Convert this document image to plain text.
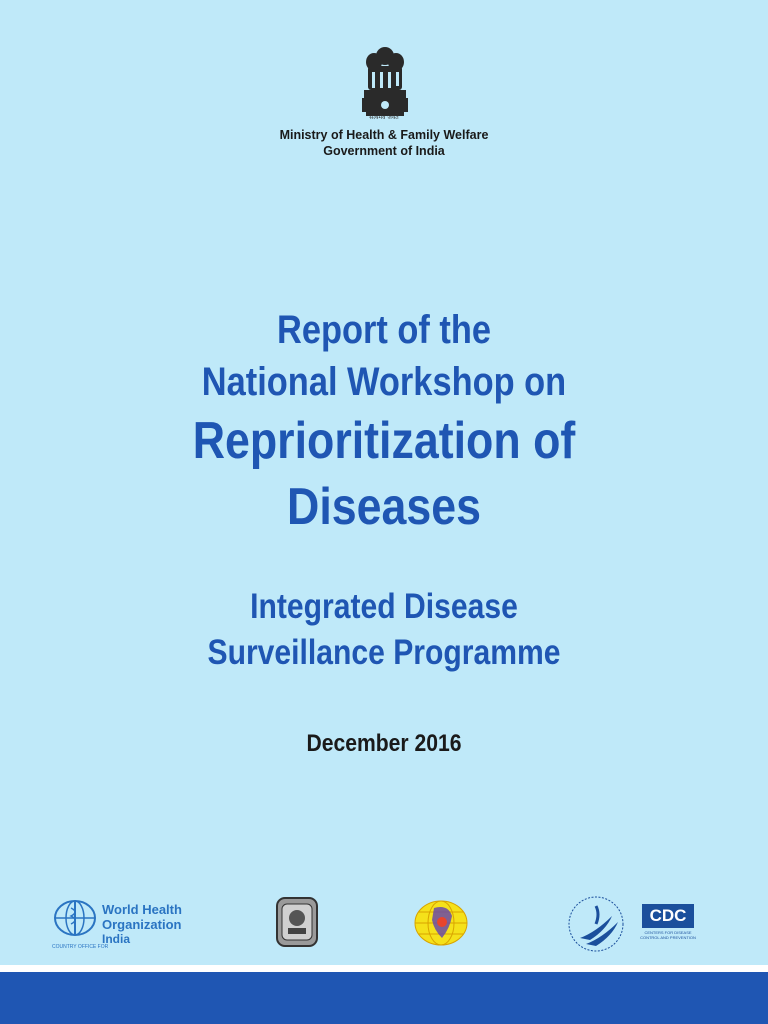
सत्यमेव जयते
Ministry of Health & Family Welfare
Government of India
Report of the
National Workshop on
Reprioritization of
Diseases
Integrated Disease
Surveillance Programme
December 2016
World Health
Organization
COUNTRY OFFICE FOR
India
CDC
CENTERS FOR DISEASE CONTROL AND PREVENTION
